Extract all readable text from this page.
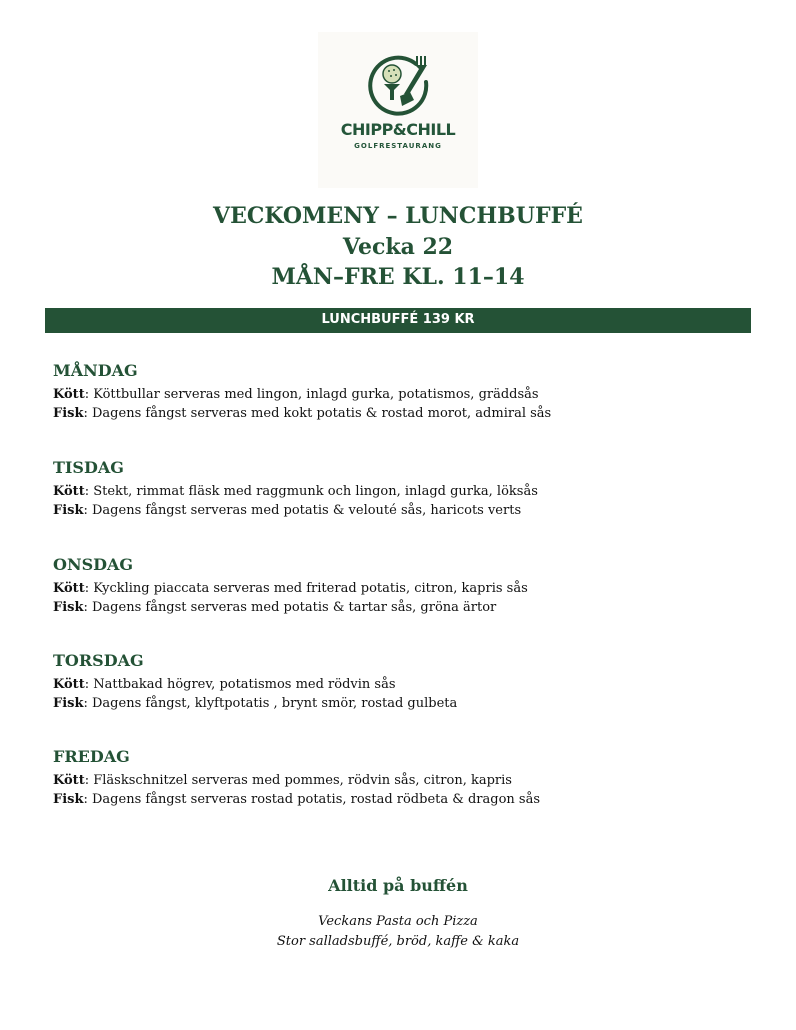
CHIPP&CHILL
GOLFRESTAURANG
VECKOMENY – LUNCHBUFFÉ
Vecka 22
MÅN–FRE KL. 11–14
LUNCHBUFFÉ 139 KR
MÅNDAG
Kött: Köttbullar serveras med lingon, inlagd gurka, potatismos, gräddsås
Fisk: Dagens fångst serveras med kokt potatis & rostad morot, admiral sås
TISDAG
Kött: Stekt, rimmat fläsk med raggmunk och lingon, inlagd gurka, löksås
Fisk: Dagens fångst serveras med potatis & velouté sås, haricots verts
ONSDAG
Kött: Kyckling piaccata serveras med friterad potatis, citron, kapris sås
Fisk: Dagens fångst serveras med potatis & tartar sås, gröna ärtor
TORSDAG
Kött: Nattbakad högrev, potatismos med rödvin sås
Fisk: Dagens fångst, klyftpotatis , brynt smör, rostad gulbeta
FREDAG
Kött: Fläskschnitzel serveras med pommes, rödvin sås, citron, kapris
Fisk: Dagens fångst serveras rostad potatis, rostad rödbeta & dragon sås
Alltid på buffén
Veckans Pasta och Pizza
Stor salladsbuffé, bröd, kaffe & kaka
